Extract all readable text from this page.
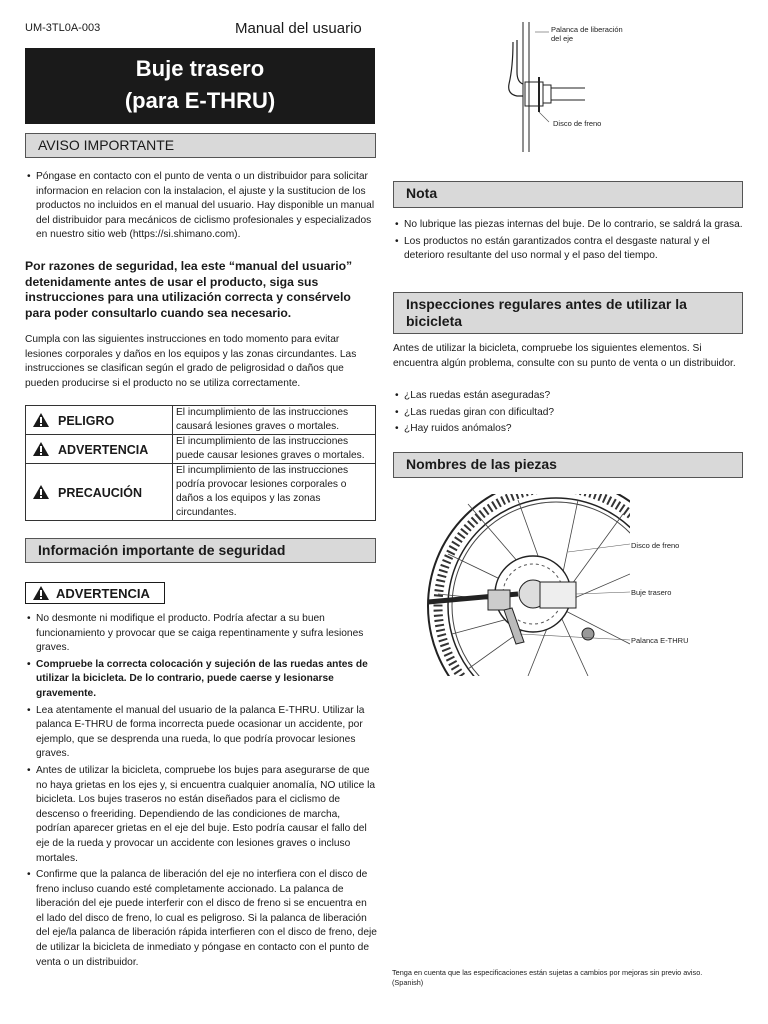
UM-3TL0A-003	Manual del usuario
Buje trasero
(para E-THRU)
AVISO IMPORTANTE
• Póngase en contacto con el punto de venta o un distribuidor para solicitar informacion en relacion con la instalacion, el ajuste y la sustitucion de los productos no incluidos en el manual del usuario. Hay disponible un manual del distribuidor para mecánicos de ciclismo profesionales y especializados en nuestro sitio web (https://si.shimano.com).
Por razones de seguridad, lea este “manual del usuario” detenidamente antes de usar el producto, siga sus instrucciones para una utilización correcta y consérvelo para poder consultarlo cuando sea necesario.
Cumpla con las siguientes instrucciones en todo momento para evitar lesiones corporales y daños en los equipos y las zonas circundantes. Las instrucciones se clasifican según el grado de peligrosidad o daños que pueden producirse si el producto no se utiliza correctamente.
PELIGRO	El incumplimiento de las instrucciones causará lesiones graves o mortales.
ADVERTENCIA	El incumplimiento de las instrucciones puede causar lesiones graves o mortales.
PRECAUCIÓN	El incumplimiento de las instrucciones podría provocar lesiones corporales o daños a los equipos y las zonas circundantes.
Información importante de seguridad
ADVERTENCIA
• No desmonte ni modifique el producto. Podría afectar a su buen funcionamiento y provocar que se caiga repentinamente y sufra lesiones graves.
• Compruebe la correcta colocación y sujeción de las ruedas antes de utilizar la bicicleta. De lo contrario, puede caerse y lesionarse gravemente.
• Lea atentamente el manual del usuario de la palanca E-THRU. Utilizar la palanca E-THRU de forma incorrecta puede ocasionar un accidente, por ejemplo, que se desprenda una rueda, lo que podría provocar lesiones graves.
• Antes de utilizar la bicicleta, compruebe los bujes para asegurarse de que no haya grietas en los ejes y, si encuentra cualquier anomalía, NO utilice la bicicleta. Los bujes traseros no están diseñados para el ciclismo de descenso o freeriding. Dependiendo de las condiciones de marcha, podrían aparecer grietas en el eje del buje. Esto podría causar el fallo del eje de la rueda y provocar un accidente con lesiones graves o incluso mortales.
• Confirme que la palanca de liberación del eje no interfiera con el disco de freno incluso cuando esté completamente accionado. La palanca de liberación del eje puede interferir con el disco de freno si se encuentra en el lado del disco de freno, lo cual es peligroso. Si la palanca de liberación del eje/la palanca de liberación rápida interfieren con el disco de freno, deje de utilizar la bicicleta de inmediato y póngase en contacto con el punto de venta o un distribuidor.
Palanca de liberación del eje
Disco de freno
Nota
• No lubrique las piezas internas del buje. De lo contrario, se saldrá la grasa.
• Los productos no están garantizados contra el desgaste natural y el deterioro resultante del uso normal y el paso del tiempo.
Inspecciones regulares antes de utilizar la bicicleta
Antes de utilizar la bicicleta, compruebe los siguientes elementos. Si encuentra algún problema, consulte con su punto de venta o un distribuidor.
• ¿Las ruedas están aseguradas?
• ¿Las ruedas giran con dificultad?
• ¿Hay ruidos anómalos?
Nombres de las piezas
Disco de freno
Buje trasero
Palanca E-THRU
Tenga en cuenta que las especificaciones están sujetas a cambios por mejoras sin previo aviso.
(Spanish)
